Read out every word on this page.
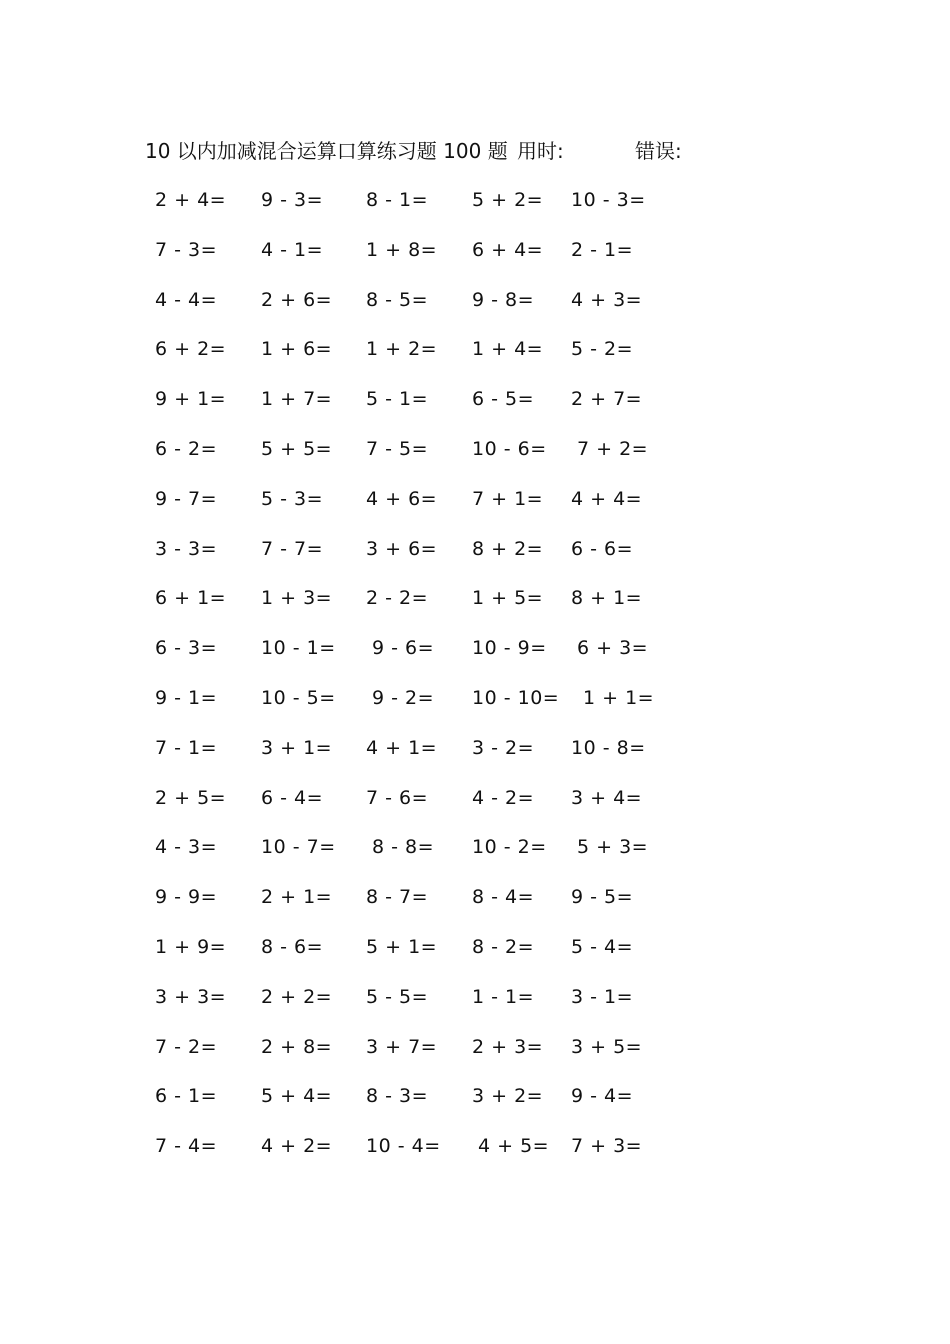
10 以内加减混合运算口算练习题 100 题 用时:	错误:
2 + 4= 9 - 3= 8 - 1= 5 + 2= 10 - 3=
7 - 3= 4 - 1= 1 + 8= 6 + 4= 2 - 1=
4 - 4= 2 + 6= 8 - 5= 9 - 8= 4 + 3=
6 + 2= 1 + 6= 1 + 2= 1 + 4= 5 - 2=
9 + 1= 1 + 7= 5 - 1= 6 - 5= 2 + 7=
6 - 2= 5 + 5= 7 - 5= 10 - 6= 7 + 2=
9 - 7= 5 - 3= 4 + 6= 7 + 1= 4 + 4=
3 - 3= 7 - 7= 3 + 6= 8 + 2= 6 - 6=
6 + 1= 1 + 3= 2 - 2= 1 + 5= 8 + 1=
6 - 3= 10 - 1= 9 - 6= 10 - 9= 6 + 3=
9 - 1= 10 - 5= 9 - 2= 10 - 10= 1 + 1=
7 - 1= 3 + 1= 4 + 1= 3 - 2= 10 - 8=
2 + 5= 6 - 4= 7 - 6= 4 - 2= 3 + 4=
4 - 3= 10 - 7= 8 - 8= 10 - 2= 5 + 3=
9 - 9= 2 + 1= 8 - 7= 8 - 4= 9 - 5=
1 + 9= 8 - 6= 5 + 1= 8 - 2= 5 - 4=
3 + 3= 2 + 2= 5 - 5= 1 - 1= 3 - 1=
7 - 2= 2 + 8= 3 + 7= 2 + 3= 3 + 5=
6 - 1= 5 + 4= 8 - 3= 3 + 2= 9 - 4=
7 - 4= 4 + 2= 10 - 4= 4 + 5= 7 + 3=
